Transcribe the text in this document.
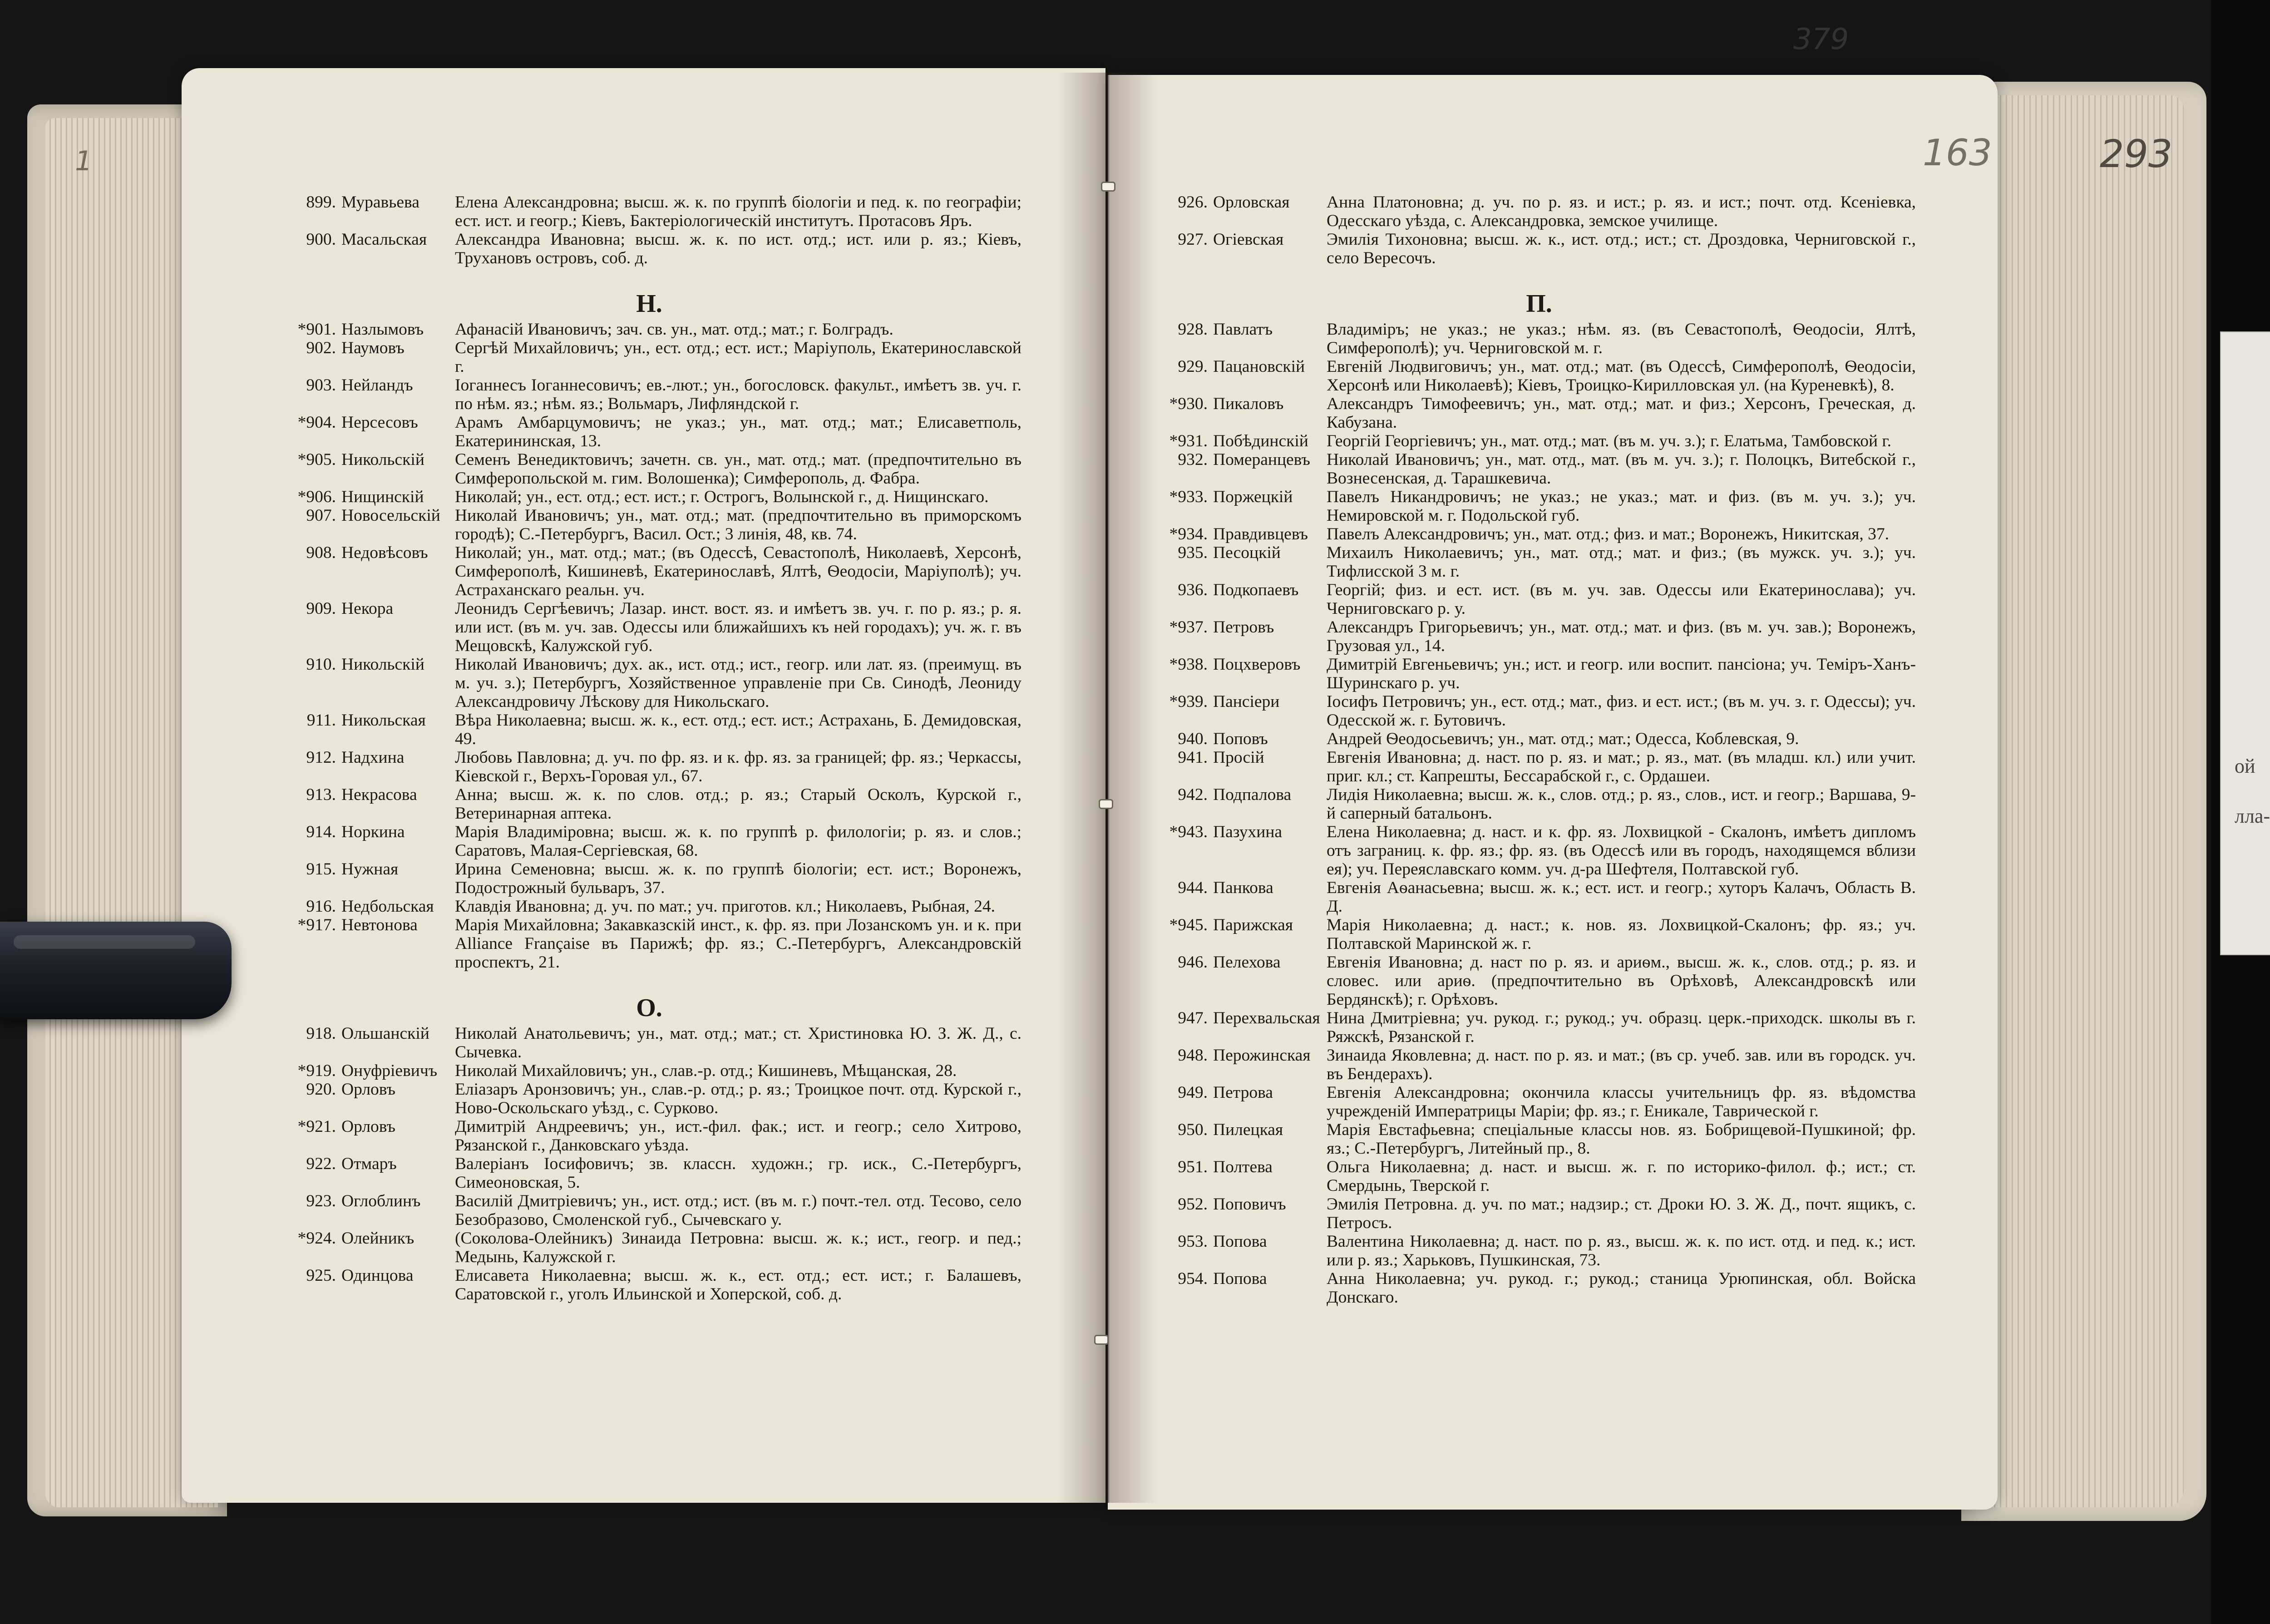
ой
лла-
379
163	293
1
899. Муравьева	Елена Александровна; высш. ж. к. по группѣ біологіи и пед. к. по географіи; ест. ист. и геогр.; Кіевъ, Бактеріологическій институтъ. Протасовъ Яръ.
900. Масальская	Александра Ивановна; высш. ж. к. по ист. отд.; ист. или р. яз.; Кіевъ, Трухановъ островъ, соб. д.
Н.
*901. Назлымовъ	Афанасій Ивановичъ; зач. св. ун., мат. отд.; мат.; г. Болградъ.
902. Наумовъ	Сергѣй Михайловичъ; ун., ест. отд.; ест. ист.; Маріуполь, Екатеринославской г.
903. Нейландъ	Іоганнесъ Іоганнесовичъ; ев.-лют.; ун., богословск. факульт., имѣетъ зв. уч. г. по нѣм. яз.; нѣм. яз.; Вольмаръ, Лифляндской г.
*904. Нерсесовъ	Арамъ Амбарцумовичъ; не указ.; ун., мат. отд.; мат.; Елисаветполь, Екатерининская, 13.
*905. Никольскій	Семенъ Венедиктовичъ; зачетн. св. ун., мат. отд.; мат. (предпочтительно въ Симферопольской м. гим. Волошенка); Симферополь, д. Фабра.
*906. Нищинскій	Николай; ун., ест. отд.; ест. ист.; г. Острогъ, Волынской г., д. Нищинскаго.
907. Новосельскій Николай Ивановичъ; ун., мат. отд.; мат. (предпочтительно въ приморскомъ городѣ); С.-Петербургъ, Васил. Ост.; 3 линія, 48, кв. 74.
908. Недовѣсовъ	Николай; ун., мат. отд.; мат.; (въ Одессѣ, Севастополѣ, Николаевѣ, Херсонѣ, Симферополѣ, Кишиневѣ, Екатеринославѣ, Ялтѣ, Ѳеодосіи, Маріуполѣ); уч. Астраханскаго реальн. уч.
909. Некора	Леонидъ Сергѣевичъ; Лазар. инст. вост. яз. и имѣетъ зв. уч. г. по р. яз.; р. я. или ист. (въ м. уч. зав. Одессы или ближайшихъ къ ней городахъ); уч. ж. г. въ Мещовскѣ, Калужской губ.
910. Никольскій	Николай Ивановичъ; дух. ак., ист. отд.; ист., геогр. или лат. яз. (преимущ. въ м. уч. з.); Петербургъ, Хозяйственное управленіе при Св. Синодѣ, Леониду Александровичу Лѣскову для Никольскаго.
911. Никольская	Вѣра Николаевна; высш. ж. к., ест. отд.; ест. ист.; Астрахань, Б. Демидовская, 49.
912. Надхина	Любовь Павловна; д. уч. по фр. яз. и к. фр. яз. за границей; фр. яз.; Черкассы, Кіевской г., Верхъ-Горовая ул., 67.
913. Некрасова	Анна; высш. ж. к. по слов. отд.; р. яз.; Старый Осколъ, Курской г., Ветеринарная аптека.
914. Норкина	Марія Владиміровна; высш. ж. к. по группѣ р. филологіи; р. яз. и слов.; Саратовъ, Малая-Сергіевская, 68.
915. Нужная	Ирина Семеновна; высш. ж. к. по группѣ біологіи; ест. ист.; Воронежъ, Подострожный бульваръ, 37.
916. Недбольская	Клавдія Ивановна; д. уч. по мат.; уч. приготов. кл.; Николаевъ, Рыбная, 24.
*917. Невтонова	Марія Михайловна; Закавказскій инст., к. фр. яз. при Лозанскомъ ун. и к. при Alliance Française въ Парижѣ; фр. яз.; С.-Петербургъ, Александровскій проспектъ, 21.
О.
918. Ольшанскій	Николай Анатольевичъ; ун., мат. отд.; мат.; ст. Христиновка Ю. З. Ж. Д., с. Сычевка.
*919. Онуфріевичъ	Николай Михайловичъ; ун., слав.-р. отд.; Кишиневъ, Мѣщанская, 28.
920. Орловъ	Еліазаръ Аронзовичъ; ун., слав.-р. отд.; р. яз.; Троицкое почт. отд. Курской г., Ново-Оскольскаго уѣзд., с. Сурково.
*921. Орловъ	Димитрій Андреевичъ; ун., ист.-фил. фак.; ист. и геогр.; село Хитрово, Рязанской г., Данковскаго уѣзда.
922. Отмаръ	Валеріанъ Іосифовичъ; зв. классн. художн.; гр. иск., С.-Петербургъ, Симеоновская, 5.
923. Оглоблинъ	Василій Дмитріевичъ; ун., ист. отд.; ист. (въ м. г.) почт.-тел. отд. Тесово, село Безобразово, Смоленской губ., Сычевскаго у.
*924. Олейникъ	(Соколова-Олейникъ) Зинаида Петровна: высш. ж. к.; ист., геогр. и пед.; Медынь, Калужской г.
925. Одинцова	Елисавета Николаевна; высш. ж. к., ест. отд.; ест. ист.; г. Балашевъ, Саратовской г., уголъ Ильинской и Хоперской, соб. д.
926. Орловская	Анна Платоновна; д. уч. по р. яз. и ист.; р. яз. и ист.; почт. отд. Ксеніевка, Одесскаго уѣзда, с. Александровка, земское училище.
927. Огіевская	Эмилія Тихоновна; высш. ж. к., ист. отд.; ист.; ст. Дроздовка, Черниговской г., село Вересочъ.
П.
928. Павлатъ	Владиміръ; не указ.; не указ.; нѣм. яз. (въ Севастополѣ, Ѳеодосіи, Ялтѣ, Симферополѣ); уч. Черниговской м. г.
929. Пацановскій	Евгеній Людвиговичъ; ун., мат. отд.; мат. (въ Одессѣ, Симферополѣ, Ѳеодосіи, Херсонѣ или Николаевѣ); Кіевъ, Троицко-Кирилловская ул. (на Куреневкѣ), 8.
*930. Пикаловъ	Александръ Тимофеевичъ; ун., мат. отд.; мат. и физ.; Херсонъ, Греческая, д. Кабузана.
*931. Побѣдинскій	Георгій Георгіевичъ; ун., мат. отд.; мат. (въ м. уч. з.); г. Елатьма, Тамбовской г.
932. Померанцевъ Николай Ивановичъ; ун., мат. отд., мат. (въ м. уч. з.); г. Полоцкъ, Витебской г., Вознесенская, д. Тарашкевича.
*933. Поржецкій	Павелъ Никандровичъ; не указ.; не указ.; мат. и физ. (въ м. уч. з.); уч. Немировской м. г. Подольской губ.
*934. Правдивцевъ	Павелъ Александровичъ; ун., мат. отд.; физ. и мат.; Воронежъ, Никитская, 37.
935. Песоцкій	Михаилъ Николаевичъ; ун., мат. отд.; мат. и физ.; (въ мужск. уч. з.); уч. Тифлисской 3 м. г.
936. Подкопаевъ	Георгій; физ. и ест. ист. (въ м. уч. зав. Одессы или Екатеринослава); уч. Черниговскаго р. у.
*937. Петровъ	Александръ Григорьевичъ; ун., мат. отд.; мат. и физ. (въ м. уч. зав.); Воронежъ, Грузовая ул., 14.
*938. Поцхверовъ	Димитрій Евгеньевичъ; ун.; ист. и геогр. или воспит. пансіона; уч. Теміръ-Ханъ-Шуринскаго р. уч.
*939. Пансіери	Іосифъ Петровичъ; ун., ест. отд.; мат., физ. и ест. ист.; (въ м. уч. з. г. Одессы); уч. Одесской ж. г. Бутовичъ.
940. Поповъ	Андрей Ѳеодосьевичъ; ун., мат. отд.; мат.; Одесса, Коблевская, 9.
941. Просій	Евгенія Ивановна; д. наст. по р. яз. и мат.; р. яз., мат. (въ младш. кл.) или учит. приг. кл.; ст. Капрешты, Бессарабской г., с. Ордашеи.
942. Подпалова	Лидія Николаевна; высш. ж. к., слов. отд.; р. яз., слов., ист. и геогр.; Варшава, 9-й саперный батальонъ.
*943. Пазухина	Елена Николаевна; д. наст. и к. фр. яз. Лохвицкой - Скалонъ, имѣетъ дипломъ отъ заграниц. к. фр. яз.; фр. яз. (въ Одессѣ или въ городъ, находящемся вблизи ея); уч. Переяславскаго комм. уч. д-ра Шефтеля, Полтавской губ.
944. Панкова	Евгенія Аѳанасьевна; высш. ж. к.; ест. ист. и геогр.; хуторъ Калачъ, Область В. Д.
*945. Парижская	Марія Николаевна; д. наст.; к. нов. яз. Лохвицкой-Скалонъ; фр. яз.; уч. Полтавской Маринской ж. г.
946. Пелехова	Евгенія Ивановна; д. наст по р. яз. и ариѳм., высш. ж. к., слов. отд.; р. яз. и словес. или ариѳ. (предпочтительно въ Орѣховѣ, Александровскѣ или Бердянскѣ); г. Орѣховъ.
947. Перехвальская Нина Дмитріевна; уч. рукод. г.; рукод.; уч. образц. церк.-приходск. школы въ г. Ряжскѣ, Рязанской г.
948. Перожинская Зинаида Яковлевна; д. наст. по р. яз. и мат.; (въ ср. учеб. зав. или въ городск. уч. въ Бендерахъ).
949. Петрова	Евгенія Александровна; окончила классы учительницъ фр. яз. вѣдомства учрежденій Императрицы Маріи; фр. яз.; г. Еникале, Таврической г.
950. Пилецкая	Марія Евстафьевна; спеціальные классы нов. яз. Бобрищевой-Пушкиной; фр. яз.; С.-Петербургъ, Литейный пр., 8.
951. Полтева	Ольга Николаевна; д. наст. и высш. ж. г. по историко-филол. ф.; ист.; ст. Смердынь, Тверской г.
952. Поповичъ	Эмилія Петровна. д. уч. по мат.; надзир.; ст. Дроки Ю. З. Ж. Д., почт. ящикъ, с. Петросъ.
953. Попова	Валентина Николаевна; д. наст. по р. яз., высш. ж. к. по ист. отд. и пед. к.; ист. или р. яз.; Харьковъ, Пушкинская, 73.
954. Попова	Анна Николаевна; уч. рукод. г.; рукод.; станица Урюпинская, обл. Войска Донскаго.
